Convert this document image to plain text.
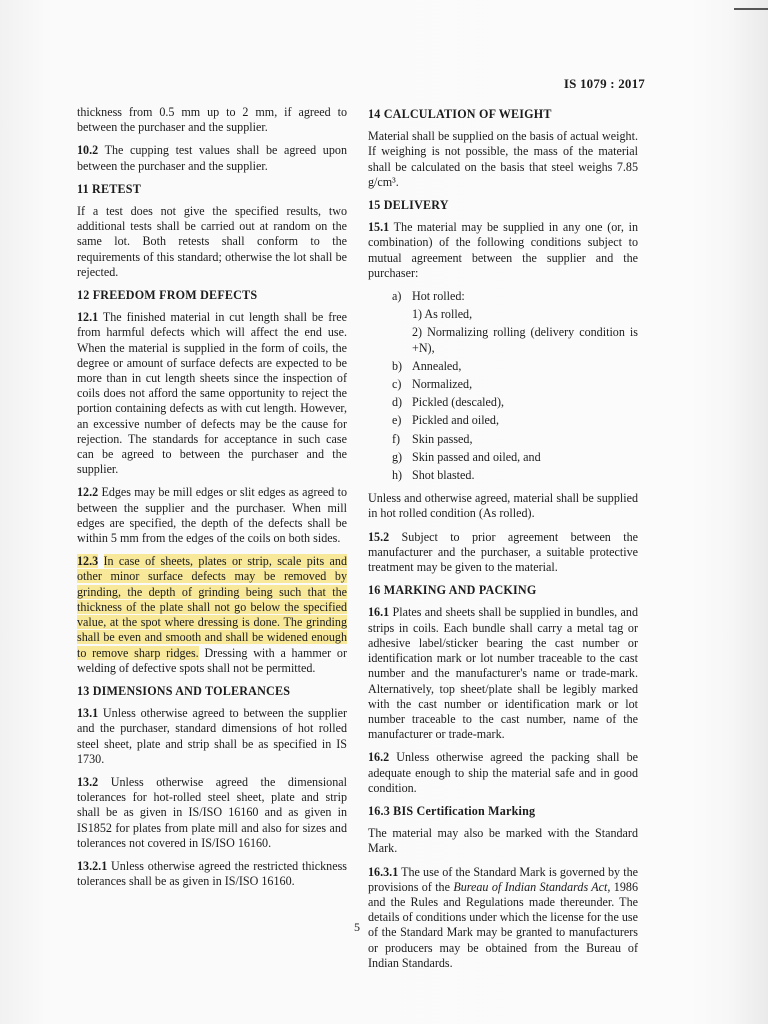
IS 1079 : 2017

thickness from 0.5 mm up to 2 mm, if agreed to between the purchaser and the supplier.

10.2 The cupping test values shall be agreed upon between the purchaser and the supplier.

11 RETEST

If a test does not give the specified results, two additional tests shall be carried out at random on the same lot. Both retests shall conform to the requirements of this standard; otherwise the lot shall be rejected.

12 FREEDOM FROM DEFECTS

12.1 The finished material in cut length shall be free from harmful defects which will affect the end use. When the material is supplied in the form of coils, the degree or amount of surface defects are expected to be more than in cut length sheets since the inspection of coils does not afford the same opportunity to reject the portion containing defects as with cut length. However, an excessive number of defects may be the cause for rejection. The standards for acceptance in such case can be agreed to between the purchaser and the supplier.

12.2 Edges may be mill edges or slit edges as agreed to between the supplier and the purchaser. When mill edges are specified, the depth of the defects shall be within 5 mm from the edges of the coils on both sides.

12.3 In case of sheets, plates or strip, scale pits and other minor surface defects may be removed by grinding, the depth of grinding being such that the thickness of the plate shall not go below the specified value, at the spot where dressing is done. The grinding shall be even and smooth and shall be widened enough to remove sharp ridges. Dressing with a hammer or welding of defective spots shall not be permitted.

13 DIMENSIONS AND TOLERANCES

13.1 Unless otherwise agreed to between the supplier and the purchaser, standard dimensions of hot rolled steel sheet, plate and strip shall be as specified in IS 1730.

13.2 Unless otherwise agreed the dimensional tolerances for hot-rolled steel sheet, plate and strip shall be as given in IS/ISO 16160 and as given in IS1852 for plates from plate mill and also for sizes and tolerances not covered in IS/ISO 16160.

13.2.1 Unless otherwise agreed the restricted thickness tolerances shall be as given in IS/ISO 16160.

14 CALCULATION OF WEIGHT

Material shall be supplied on the basis of actual weight. If weighing is not possible, the mass of the material shall be calculated on the basis that steel weighs 7.85 g/cm³.

15 DELIVERY

15.1 The material may be supplied in any one (or, in combination) of the following conditions subject to mutual agreement between the supplier and the purchaser:

a) Hot rolled:
1) As rolled,
2) Normalizing rolling (delivery condition is +N),
b) Annealed,
c) Normalized,
d) Pickled (descaled),
e) Pickled and oiled,
f) Skin passed,
g) Skin passed and oiled, and
h) Shot blasted.

Unless and otherwise agreed, material shall be supplied in hot rolled condition (As rolled).

15.2 Subject to prior agreement between the manufacturer and the purchaser, a suitable protective treatment may be given to the material.

16 MARKING AND PACKING

16.1 Plates and sheets shall be supplied in bundles, and strips in coils. Each bundle shall carry a metal tag or adhesive label/sticker bearing the cast number or identification mark or lot number traceable to the cast number and the manufacturer's name or trade-mark. Alternatively, top sheet/plate shall be legibly marked with the cast number or identification mark or lot number traceable to the cast number, name of the manufacturer or trade-mark.

16.2 Unless otherwise agreed the packing shall be adequate enough to ship the material safe and in good condition.

16.3 BIS Certification Marking

The material may also be marked with the Standard Mark.

16.3.1 The use of the Standard Mark is governed by the provisions of the Bureau of Indian Standards Act, 1986 and the Rules and Regulations made thereunder. The details of conditions under which the license for the use of the Standard Mark may be granted to manufacturers or producers may be obtained from the Bureau of Indian Standards.

5
